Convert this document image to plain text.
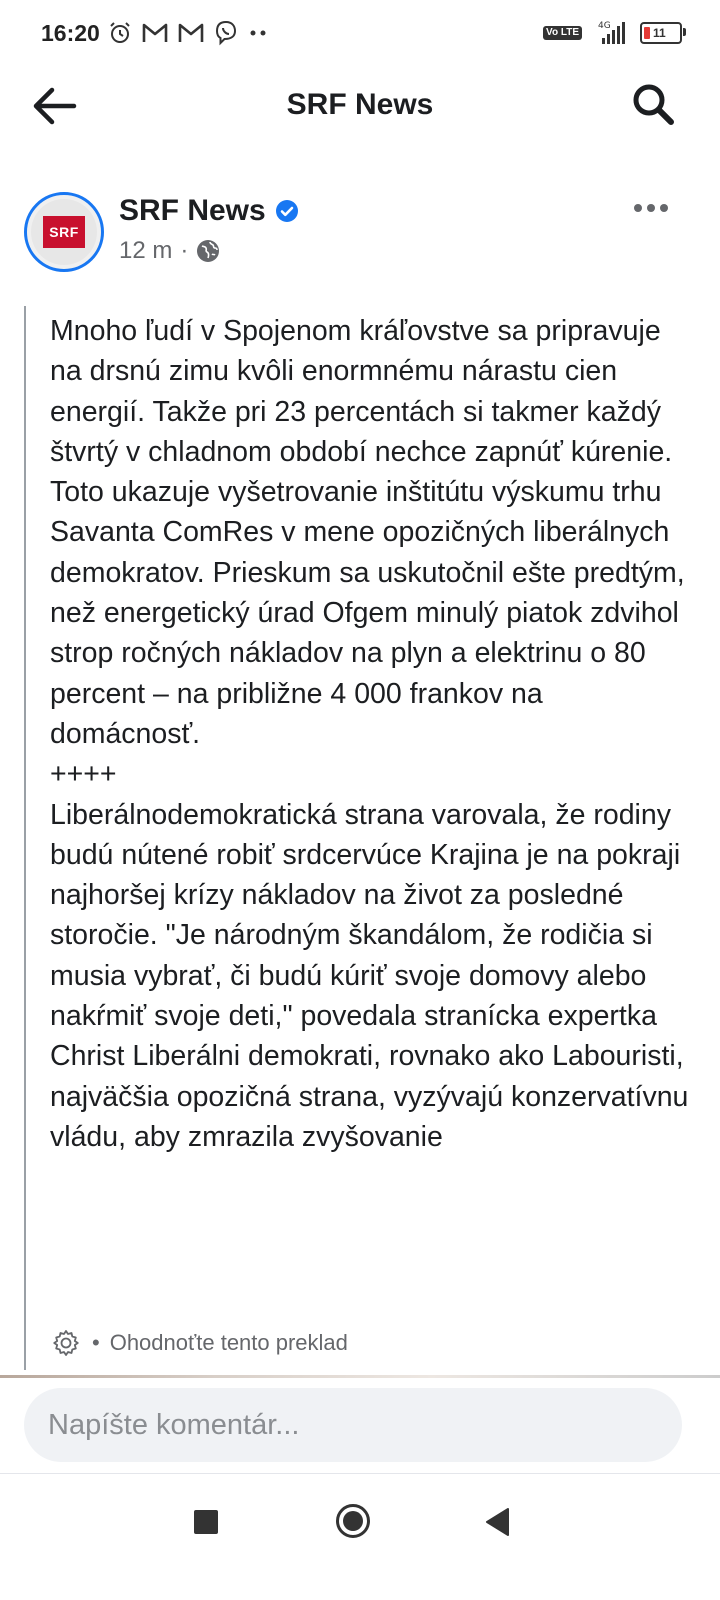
16:20	Vo LTE
4G	11
SRF News
SRF
SRF News
12 m ·
Mnoho ľudí v Spojenom kráľovstve sa pripravuje na drsnú zimu kvôli enormnému nárastu cien energií. Takže pri 23 percentách si takmer každý štvrtý v chladnom období nechce zapnúť kúrenie. Toto ukazuje vyšetrovanie inštitútu výskumu trhu Savanta ComRes v mene opozičných liberálnych demokratov. Prieskum sa uskutočnil ešte predtým, než energetický úrad Ofgem minulý piatok zdvihol strop ročných nákladov na plyn a elektrinu o 80 percent – na približne 4 000 frankov na domácnosť.
++++
Liberálnodemokratická strana varovala, že rodiny budú nútené robiť srdcervúce Krajina je na pokraji najhoršej krízy nákladov na život za posledné storočie. "Je národným škandálom, že rodičia si musia vybrať, či budú kúriť svoje domovy alebo nakŕmiť svoje deti," povedala stranícka expertka Christ Liberálni demokrati, rovnako ako Labouristi, najväčšia opozičná strana, vyzývajú konzervatívnu vládu, aby zmrazila zvyšovanie
• Ohodnoťte tento preklad
Napíšte komentár...
